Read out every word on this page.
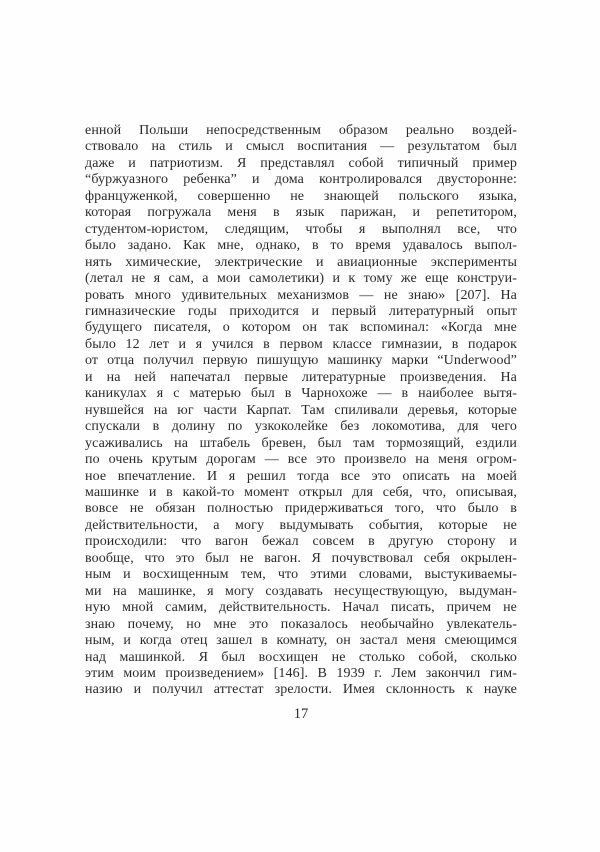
енной Польши непосредственным образом реально воздей-
ствовало на стиль и смысл воспитания — результатом был
даже и патриотизм. Я представлял собой типичный пример
“буржуазного ребенка” и дома контролировался двусторонне:
француженкой, совершенно не знающей польского языка,
которая погружала меня в язык парижан, и репетитором,
студентом-юристом, следящим, чтобы я выполнял все, что
было задано. Как мне, однако, в то время удавалось выпол-
нять химические, электрические и авиационные эксперименты
(летал не я сам, а мои самолетики) и к тому же еще конструи-
ровать много удивительных механизмов — не знаю» [207]. На
гимназические годы приходится и первый литературный опыт
будущего писателя, о котором он так вспоминал: «Когда мне
было 12 лет и я учился в первом классе гимназии, в подарок
от отца получил первую пишущую машинку марки “Underwood”
и на ней напечатал первые литературные произведения. На
каникулах я с матерью был в Чарнохоже — в наиболее вытя-
нувшейся на юг части Карпат. Там спиливали деревья, которые
спускали в долину по узкоколейке без локомотива, для чего
усаживались на штабель бревен, был там тормозящий, ездили
по очень крутым дорогам — все это произвело на меня огром-
ное впечатление. И я решил тогда все это описать на моей
машинке и в какой-то момент открыл для себя, что, описывая,
вовсе не обязан полностью придерживаться того, что было в
действительности, а могу выдумывать события, которые не
происходили: что вагон бежал совсем в другую сторону и
вообще, что это был не вагон. Я почувствовал себя окрылен-
ным и восхищенным тем, что этими словами, выстукиваемы-
ми на машинке, я могу создавать несуществующую, выдуман-
ную мной самим, действительность. Начал писать, причем не
знаю почему, но мне это показалось необычайно увлекатель-
ным, и когда отец зашел в комнату, он застал меня смеющимся
над машинкой. Я был восхищен не столько собой, сколько
этим моим произведением» [146]. В 1939 г. Лем закончил гим-
назию и получил аттестат зрелости. Имея склонность к науке
17
